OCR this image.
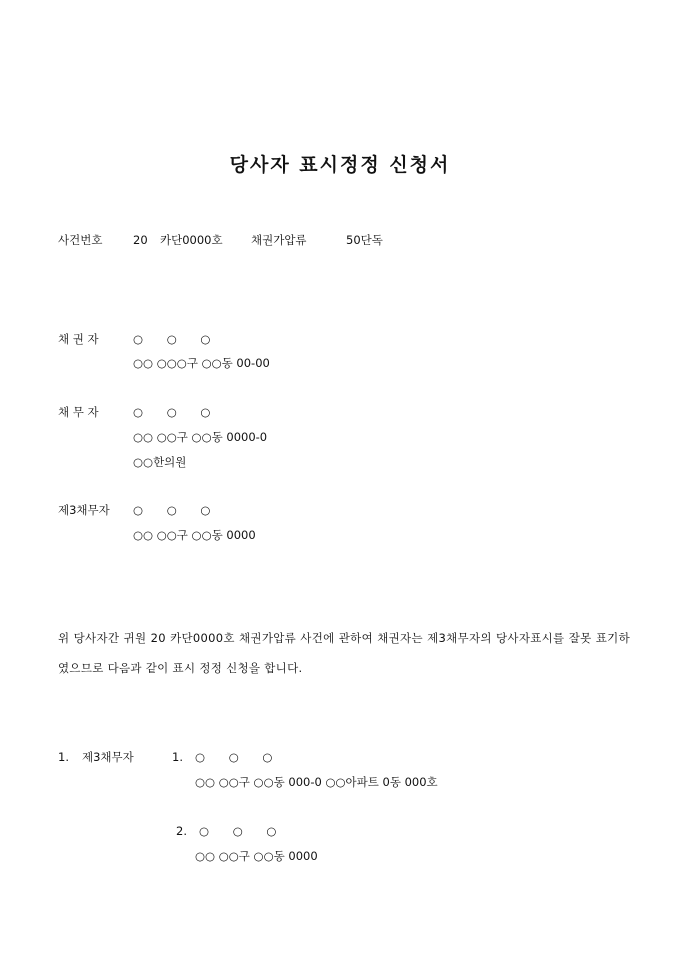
당사자 표시정정 신청서
사건번호	20 카단0000호 채권가압류	50단독
채 권 자	○ ○ ○
○○ ○○○구 ○○동 00-00
채 무 자	○ ○ ○
○○ ○○구 ○○동 0000-0
○○한의원
제3채무자 ○ ○ ○
○○ ○○구 ○○동 0000
위 당사자간 귀원 20 카단0000호 채권가압류 사건에 관하여 채권자는 제3채무자의 당사자표시를 잘못 표기하였으므로 다음과 같이 표시 정정 신청을 합니다.
1. 제3채무자	1. ○ ○ ○
○○ ○○구 ○○동 000-0 ○○아파트 0동 000호
2. ○ ○ ○
○○ ○○구 ○○동 0000
